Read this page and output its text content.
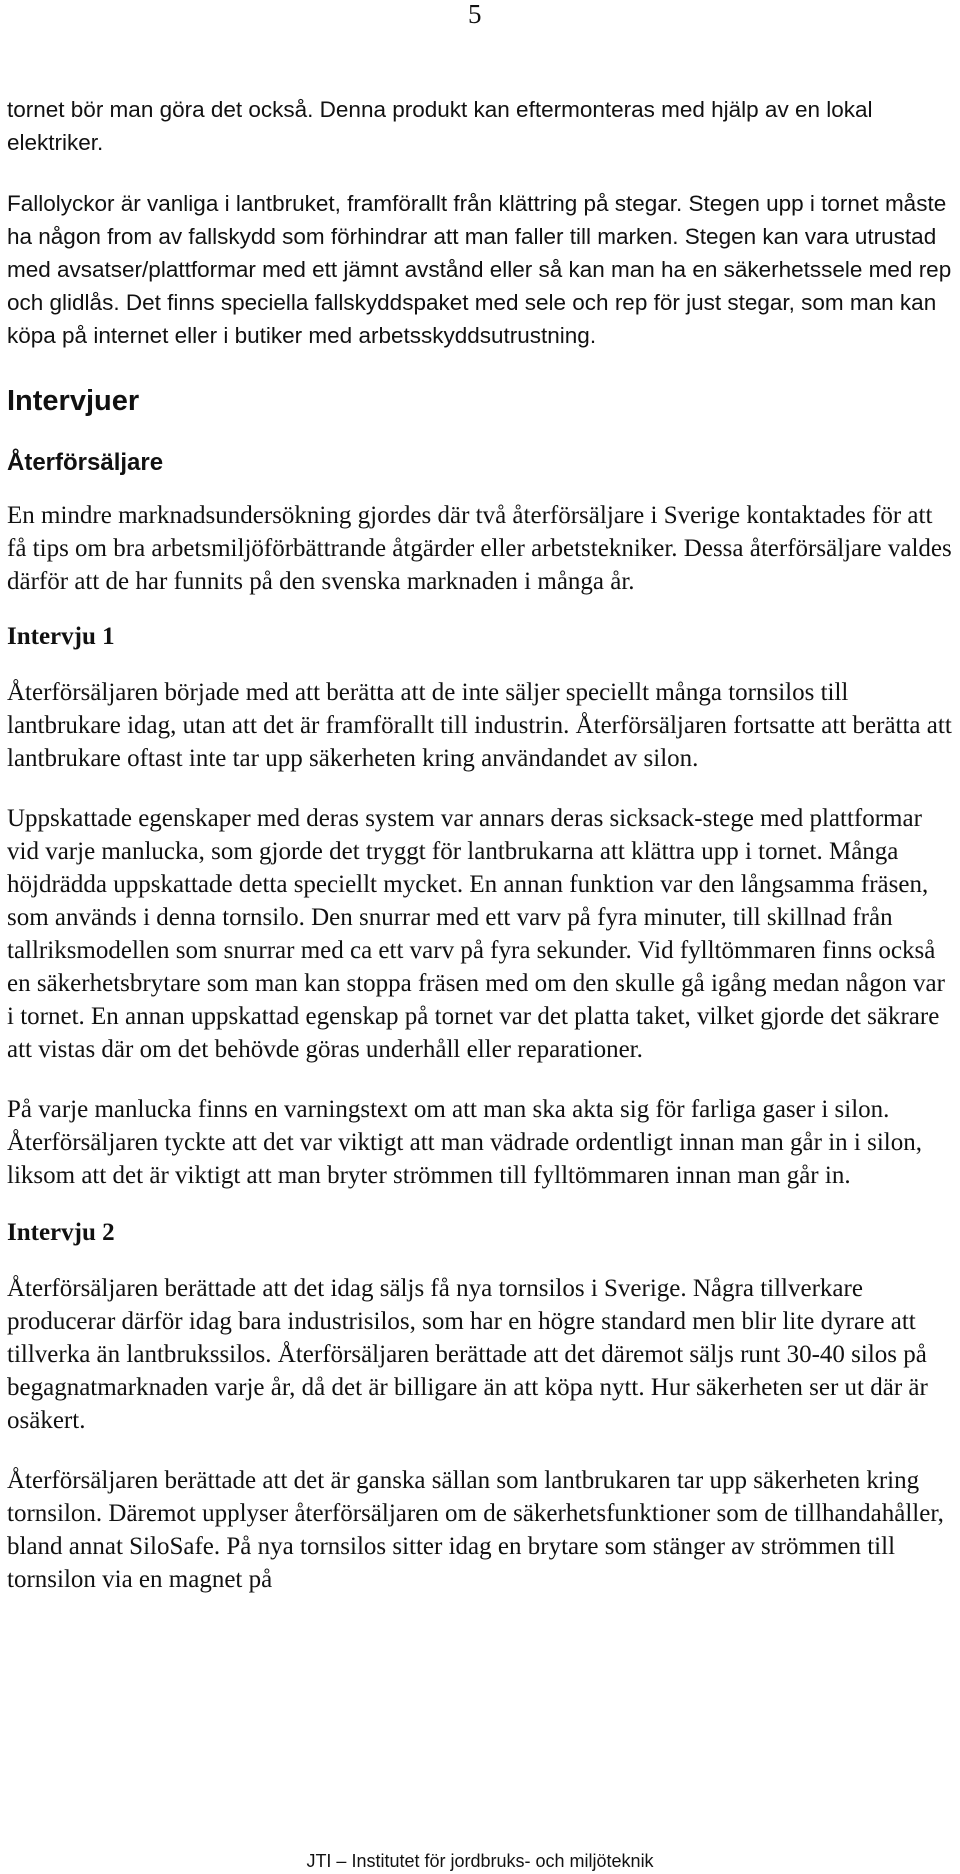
5

tornet bör man göra det också. Denna produkt kan eftermonteras med hjälp av en lokal elektriker.

Fallolyckor är vanliga i lantbruket, framförallt från klättring på stegar. Stegen upp i tornet måste ha någon from av fallskydd som förhindrar att man faller till marken. Stegen kan vara utrustad med avsatser/plattformar med ett jämnt avstånd eller så kan man ha en säkerhetssele med rep och glidlås. Det finns speciella fallskyddspaket med sele och rep för just stegar, som man kan köpa på internet eller i butiker med arbetsskyddsutrustning.

Intervjuer
Återförsäljare

En mindre marknadsundersökning gjordes där två återförsäljare i Sverige kontaktades för att få tips om bra arbetsmiljöförbättrande åtgärder eller arbetstekniker. Dessa återförsäljare valdes därför att de har funnits på den svenska marknaden i många år.

Intervju 1

Återförsäljaren började med att berätta att de inte säljer speciellt många tornsilos till lantbrukare idag, utan att det är framförallt till industrin. Återförsäljaren fortsatte att berätta att lantbrukare oftast inte tar upp säkerheten kring användandet av silon.

Uppskattade egenskaper med deras system var annars deras sicksack-stege med plattformar vid varje manlucka, som gjorde det tryggt för lantbrukarna att klättra upp i tornet. Många höjdrädda uppskattade detta speciellt mycket. En annan funktion var den långsamma fräsen, som används i denna tornsilo. Den snurrar med ett varv på fyra minuter, till skillnad från tallriksmodellen som snurrar med ca ett varv på fyra sekunder. Vid fylltömmaren finns också en säkerhetsbrytare som man kan stoppa fräsen med om den skulle gå igång medan någon var i tornet. En annan uppskattad egenskap på tornet var det platta taket, vilket gjorde det säkrare att vistas där om det behövde göras underhåll eller reparationer.

På varje manlucka finns en varningstext om att man ska akta sig för farliga gaser i silon. Återförsäljaren tyckte att det var viktigt att man vädrade ordentligt innan man går in i silon, liksom att det är viktigt att man bryter strömmen till fylltömmaren innan man går in.

Intervju 2

Återförsäljaren berättade att det idag säljs få nya tornsilos i Sverige. Några tillverkare producerar därför idag bara industrisilos, som har en högre standard men blir lite dyrare att tillverka än lantbrukssilos. Återförsäljaren berättade att det däremot säljs runt 30-40 silos på begagnatmarknaden varje år, då det är billigare än att köpa nytt. Hur säkerheten ser ut där är osäkert.

Återförsäljaren berättade att det är ganska sällan som lantbrukaren tar upp säkerheten kring tornsilon. Däremot upplyser återförsäljaren om de säkerhetsfunktioner som de tillhandahåller, bland annat SiloSafe. På nya tornsilos sitter idag en brytare som stänger av strömmen till tornsilon via en magnet på

JTI – Institutet för jordbruks- och miljöteknik
